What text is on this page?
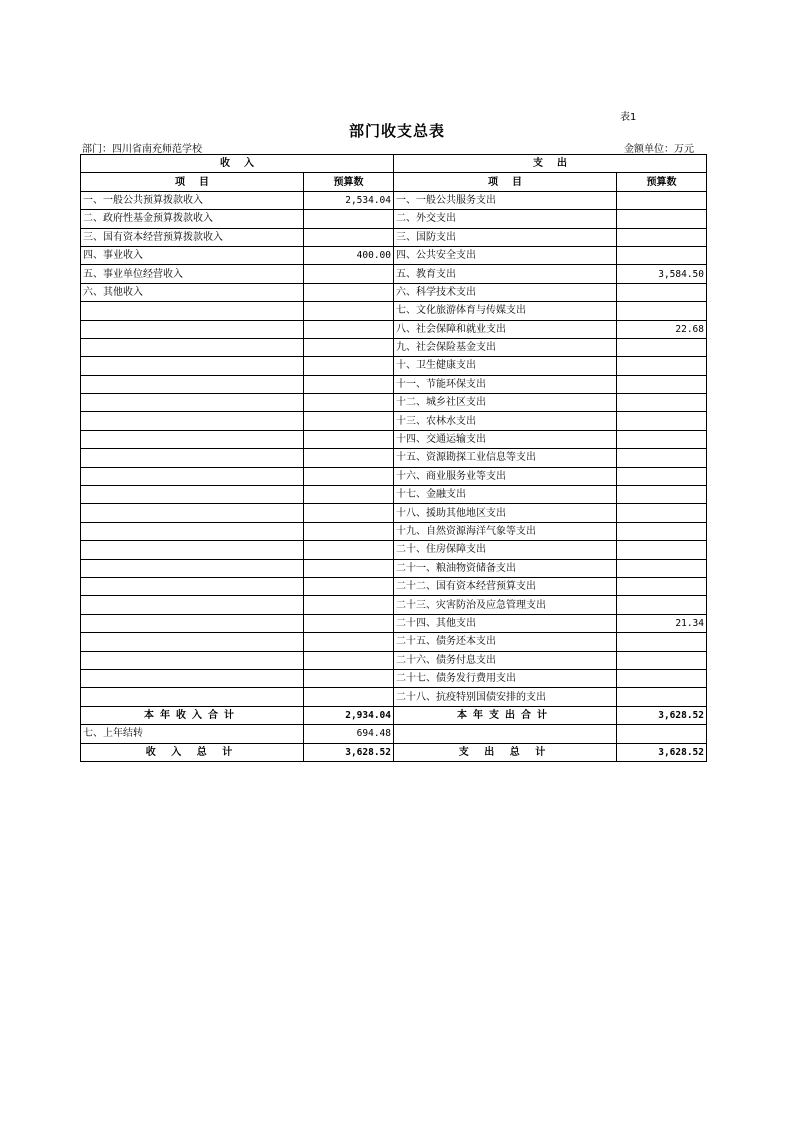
表1
部门收支总表
部门：四川省南充师范学校	金额单位：万元
收    入		支    出	
项    目	预算数	项    目	预算数
一、一般公共预算拨款收入	2,534.04	一、一般公共服务支出	
二、政府性基金预算拨款收入		二、外交支出	
三、国有资本经营预算拨款收入		三、国防支出	
四、事业收入	400.00	四、公共安全支出	
五、事业单位经营收入		五、教育支出	3,584.50
六、其他收入		六、科学技术支出	
		七、文化旅游体育与传媒支出	
		八、社会保障和就业支出	22.68
		九、社会保险基金支出	
		十、卫生健康支出	
		十一、节能环保支出	
		十二、城乡社区支出	
		十三、农林水支出	
		十四、交通运输支出	
		十五、资源勘探工业信息等支出	
		十六、商业服务业等支出	
		十七、金融支出	
		十八、援助其他地区支出	
		十九、自然资源海洋气象等支出	
		二十、住房保障支出	
		二十一、粮油物资储备支出	
		二十二、国有资本经营预算支出	
		二十三、灾害防治及应急管理支出	
		二十四、其他支出	21.34
		二十五、债务还本支出	
		二十六、债务付息支出	
		二十七、债务发行费用支出	
		二十八、抗疫特别国债安排的支出	
本年收入合计	2,934.04	本年支出合计	3,628.52
七、上年结转	694.48		
收 入 总 计	3,628.52	支 出 总 计	3,628.52
